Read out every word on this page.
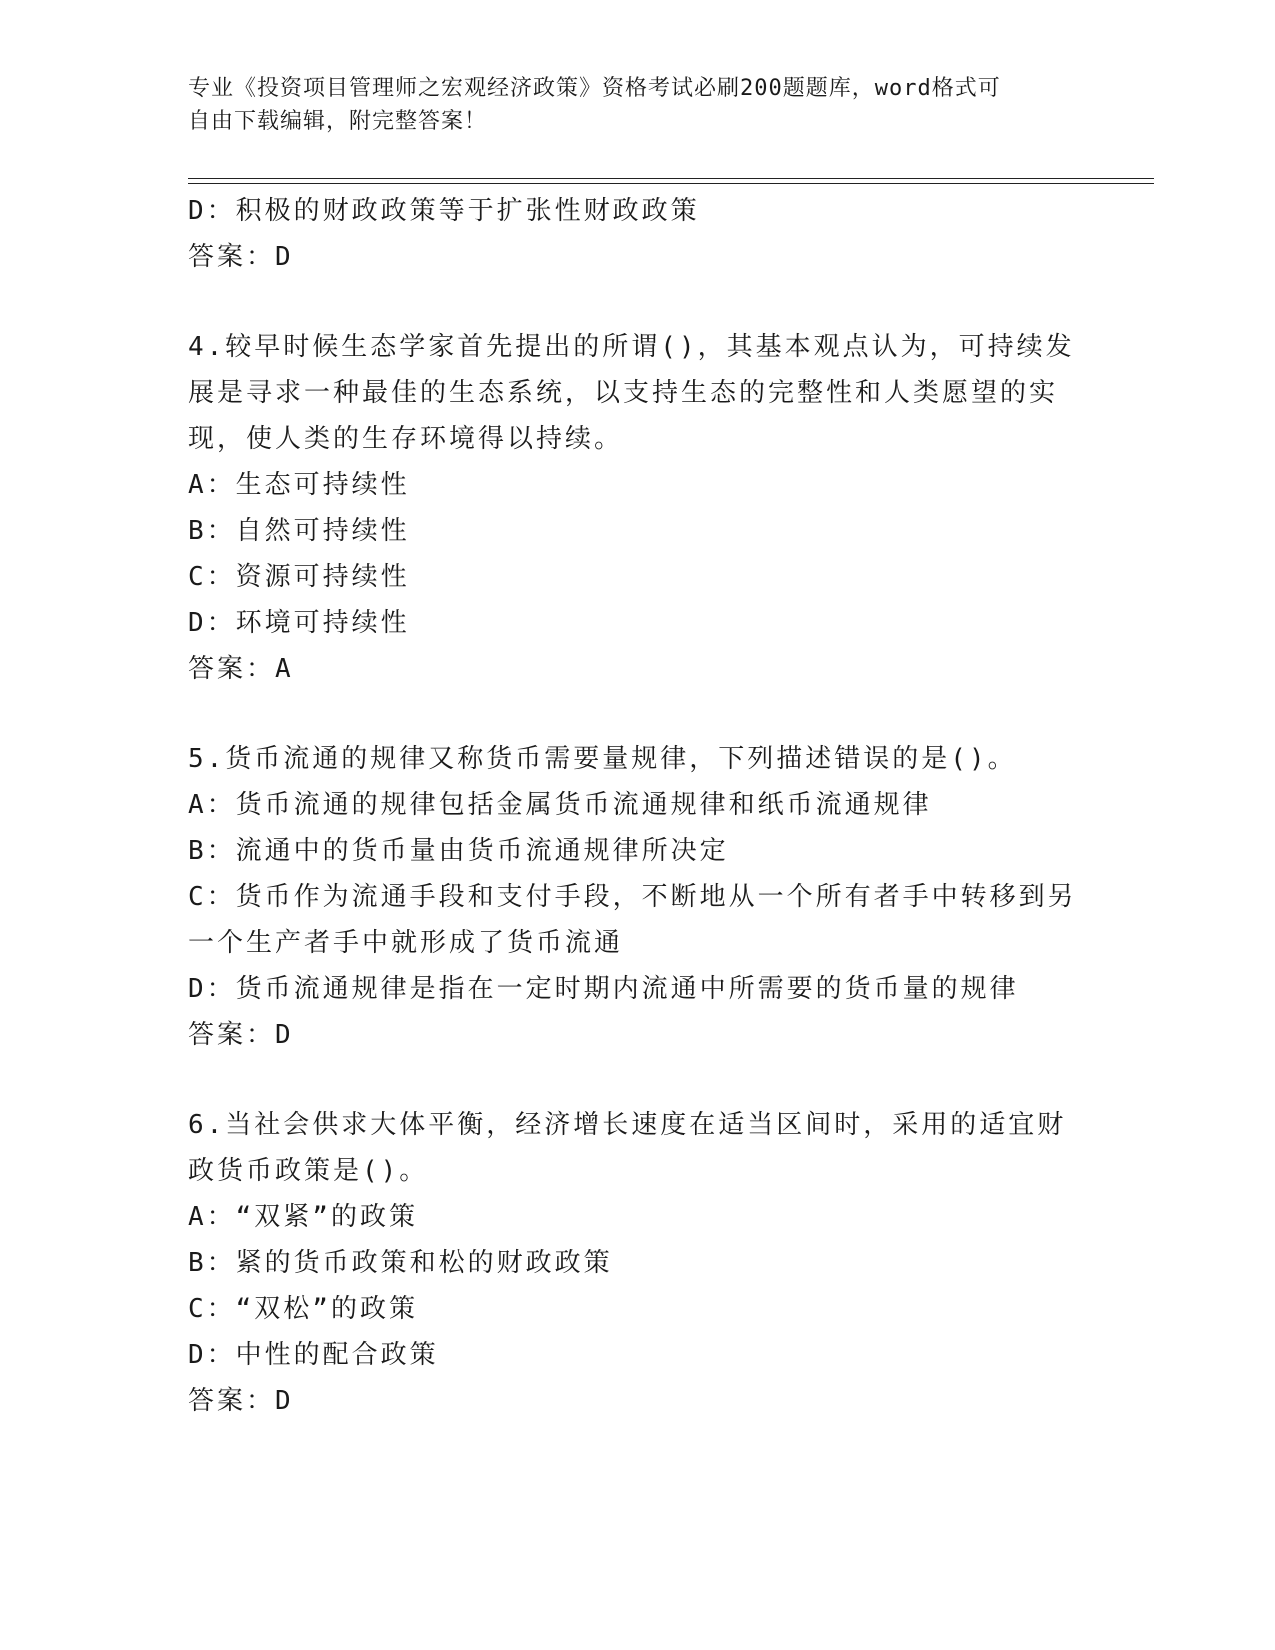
专业《投资项目管理师之宏观经济政策》资格考试必刷200题题库，word格式可
自由下载编辑，附完整答案！
D：积极的财政政策等于扩张性财政政策
答案：D
4.较早时候生态学家首先提出的所谓()，其基本观点认为，可持续发
展是寻求一种最佳的生态系统，以支持生态的完整性和人类愿望的实
现，使人类的生存环境得以持续。
A：生态可持续性
B：自然可持续性
C：资源可持续性
D：环境可持续性
答案：A
5.货币流通的规律又称货币需要量规律，下列描述错误的是()。
A：货币流通的规律包括金属货币流通规律和纸币流通规律
B：流通中的货币量由货币流通规律所决定
C：货币作为流通手段和支付手段，不断地从一个所有者手中转移到另
一个生产者手中就形成了货币流通
D：货币流通规律是指在一定时期内流通中所需要的货币量的规律
答案：D
6.当社会供求大体平衡，经济增长速度在适当区间时，采用的适宜财
政货币政策是()。
A：“双紧”的政策
B：紧的货币政策和松的财政政策
C：“双松”的政策
D：中性的配合政策
答案：D
